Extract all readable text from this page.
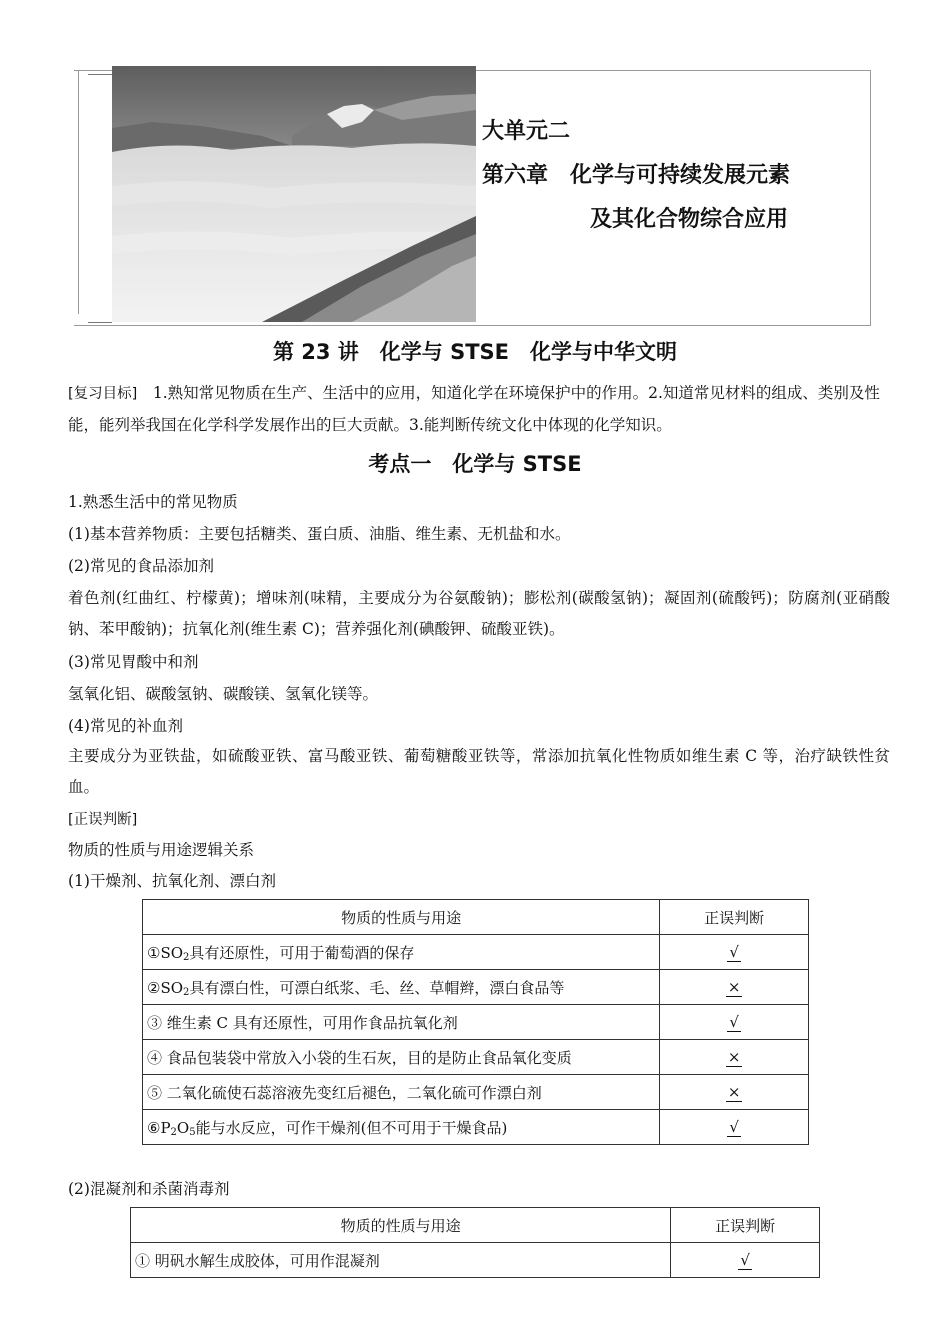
大单元二
第六章　化学与可持续发展元素
及其化合物综合应用
第 23 讲　化学与 STSE　化学与中华文明
[复习目标]　1.熟知常见物质在生产、生活中的应用，知道化学在环境保护中的作用。2.知道常见材料的组成、类别及性能，能列举我国在化学科学发展作出的巨大贡献。3.能判断传统文化中体现的化学知识。
考点一　化学与 STSE
1.熟悉生活中的常见物质
(1)基本营养物质：主要包括糖类、蛋白质、油脂、维生素、无机盐和水。
(2)常见的食品添加剂
着色剂(红曲红、柠檬黄)；增味剂(味精，主要成分为谷氨酸钠)；膨松剂(碳酸氢钠)；凝固剂(硫酸钙)；防腐剂(亚硝酸钠、苯甲酸钠)；抗氧化剂(维生素 C)；营养强化剂(碘酸钾、硫酸亚铁)。
(3)常见胃酸中和剂
氢氧化铝、碳酸氢钠、碳酸镁、氢氧化镁等。
(4)常见的补血剂
主要成分为亚铁盐，如硫酸亚铁、富马酸亚铁、葡萄糖酸亚铁等，常添加抗氧化性物质如维生素 C 等，治疗缺铁性贫血。
[正误判断]
物质的性质与用途逻辑关系
(1)干燥剂、抗氧化剂、漂白剂
物质的性质与用途	正误判断
$①SO_2$具有还原性，可用于葡萄酒的保存	√
$②SO_2$具有漂白性，可漂白纸浆、毛、丝、草帽辫，漂白食品等	×
③ 维生素 C 具有还原性，可用作食品抗氧化剂	√
④ 食品包装袋中常放入小袋的生石灰，目的是防止食品氧化变质	×
⑤ 二氧化硫使石蕊溶液先变红后褪色，二氧化硫可作漂白剂	×
$⑥P_2O_5$能与水反应，可作干燥剂(但不可用于干燥食品)	√
(2)混凝剂和杀菌消毒剂
物质的性质与用途	正误判断
① 明矾水解生成胶体，可用作混凝剂	√
